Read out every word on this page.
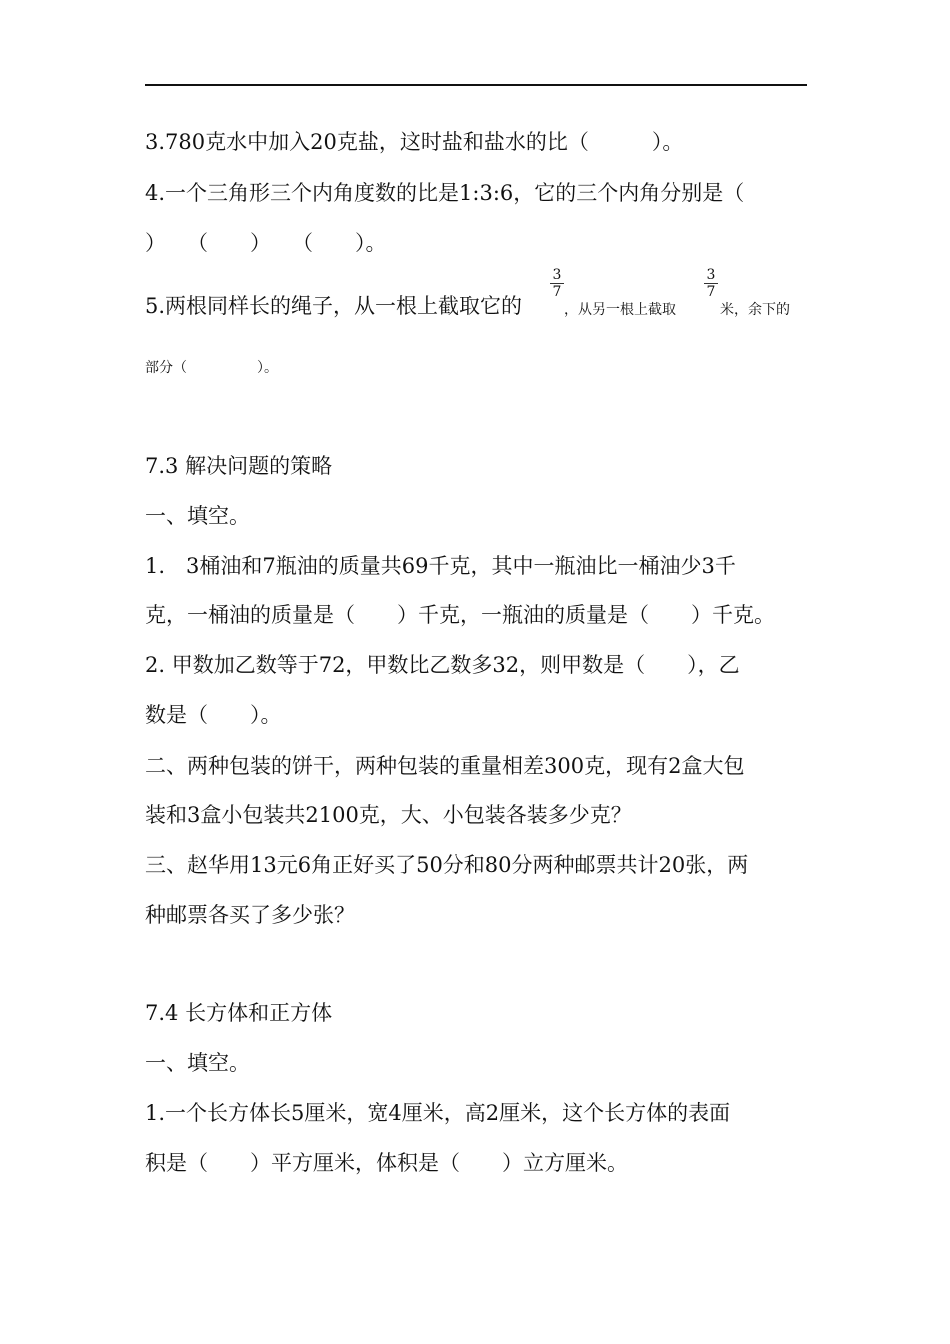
3.780克水中加入20克盐，这时盐和盐水的比（　　　）。
4.一个三角形三个内角度数的比是1:3:6，它的三个内角分别是（
）　　（　　）　　（　　）。
5.两根同样长的绳子，从一根上截取它的
$\frac{3}{7}$
，从另一根上截取
$\frac{3}{7}$
米，余下的
部分（　　　　　）。
7.3 解决问题的策略
一、填空。
1.　3桶油和7瓶油的质量共69千克，其中一瓶油比一桶油少3千
克，一桶油的质量是（　　）千克，一瓶油的质量是（　　）千克。
2. 甲数加乙数等于72，甲数比乙数多32，则甲数是（　　），乙
数是（　　）。
二、两种包装的饼干，两种包装的重量相差300克，现有2盒大包
装和3盒小包装共2100克，大、小包装各装多少克？
三、赵华用13元6角正好买了50分和80分两种邮票共计20张，两
种邮票各买了多少张？
7.4 长方体和正方体
一、填空。
1.一个长方体长5厘米，宽4厘米，高2厘米，这个长方体的表面
积是（　　）平方厘米，体积是（　　）立方厘米。
